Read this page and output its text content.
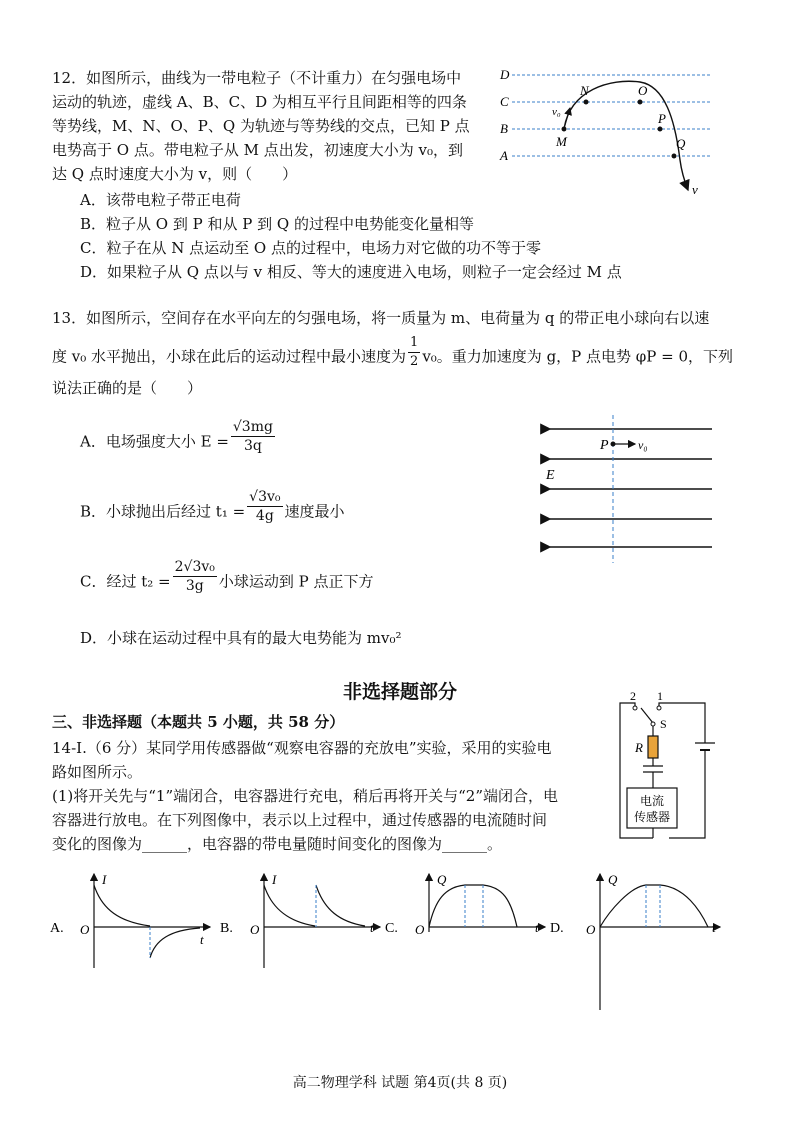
12．如图所示，曲线为一带电粒子（不计重力）在匀强电场中
运动的轨迹，虚线 A、B、C、D 为相互平行且间距相等的四条
等势线，M、N、O、P、Q 为轨迹与等势线的交点，已知 P 点
电势高于 O 点。带电粒子从 M 点出发，初速度大小为 v₀，到
达 Q 点时速度大小为 v，则（　　）
A．该带电粒子带正电荷
B．粒子从 O 到 P 和从 P 到 Q 的过程中电势能变化量相等
C．粒子在从 N 点运动至 O 点的过程中，电场力对它做的功不等于零
D．如果粒子从 Q 点以与 v 相反、等大的速度进入电场，则粒子一定会经过 M 点
D
C
B
A
M
N	O
P
Q
v₀
v
13．如图所示，空间存在水平向左的匀强电场，将一质量为 m、电荷量为 q 的带正电小球向右以速
度 v₀ 水平抛出，小球在此后的运动过程中最小速度为 $\frac{1}{2} v_0$。重力加速度为 g，P 点电势 φP = 0，下列
说法正确的是（　　）
A．电场强度大小 $E = \frac{√3mg}{3q}$
B．小球抛出后经过 $t_1 = \frac{\text{√3v₀}}{4g}$ 速度最小
C．经过 $t_2 = \frac{\text{2√3v₀}}{3g}$ 小球运动到 P 点正下方
D．小球在运动过程中具有的最大电势能为 mv₀²
P v₀
E
非选择题部分
三、非选择题（本题共 5 小题，共 58 分）
14-I.（6 分）某同学用传感器做“观察电容器的充放电”实验，采用的实验电
路如图所示。
(1)将开关先与“1”端闭合，电容器进行充电，稍后再将开关与“2”端闭合，电
容器进行放电。在下列图像中，表示以上过程中，通过传感器的电流随时间
变化的图像为______，电容器的带电量随时间变化的图像为______。
2 1
S
R
电流
传感器
A.
I
O
t
B.
I
O	t C.
Q
O	t D.
Q
O	t
高二物理学科 试题 第4页(共 8 页)
